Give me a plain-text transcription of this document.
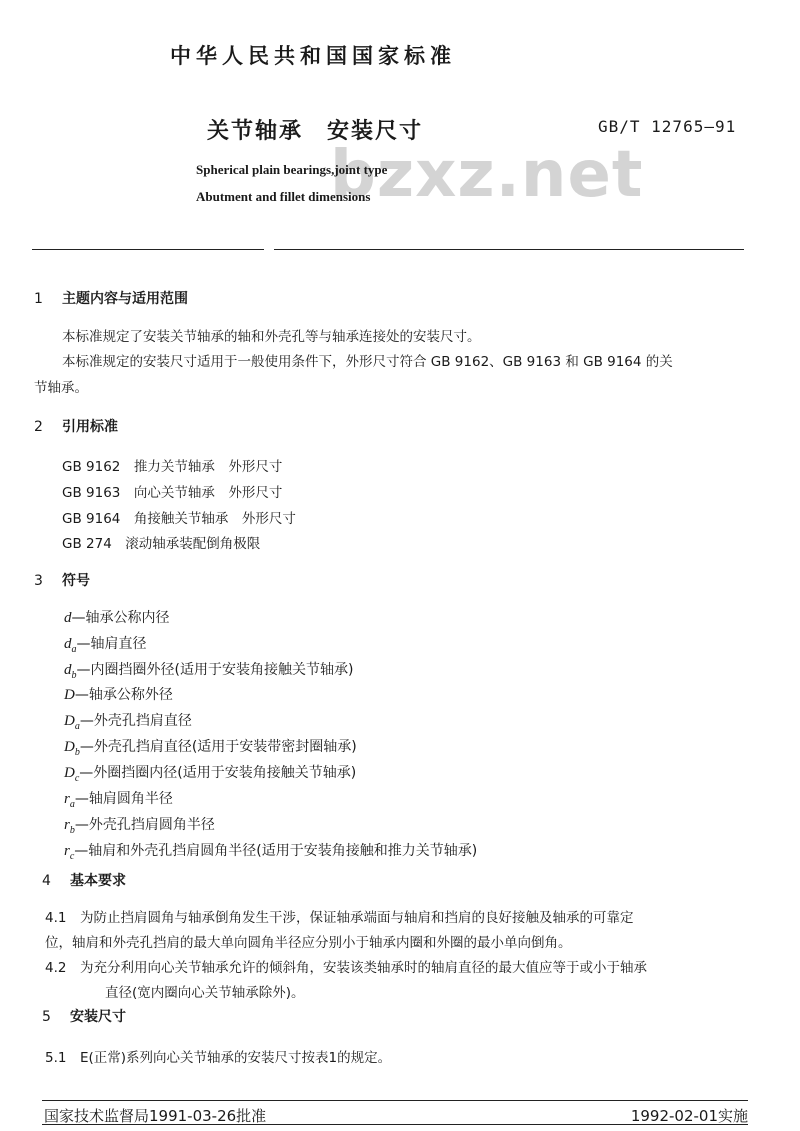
中华人民共和国国家标准
关节轴承　安装尺寸	GB/T 12765—91
bzxz.net
Spherical plain bearings,joint type
Abutment and fillet dimensions
1 主题内容与适用范围
本标准规定了安装关节轴承的轴和外壳孔等与轴承连接处的安装尺寸。
本标准规定的安装尺寸适用于一般使用条件下，外形尺寸符合 GB 9162、GB 9163 和 GB 9164 的关
节轴承。
2 引用标准
GB 9162　推力关节轴承　外形尺寸
GB 9163　向心关节轴承　外形尺寸
GB 9164　角接触关节轴承　外形尺寸
GB 274　滚动轴承装配倒角极限
3 符号
d—轴承公称内径
$d_a—$轴肩直径
$d_b—$内圈挡圈外径(适用于安装角接触关节轴承)
D—轴承公称外径
$D_a—$外壳孔挡肩直径
$D_b—$外壳孔挡肩直径(适用于安装带密封圈轴承)
$D_c—$外圈挡圈内径(适用于安装角接触关节轴承)
$r_a—$轴肩圆角半径
$r_b—$外壳孔挡肩圆角半径
$r_c—$轴肩和外壳孔挡肩圆角半径(适用于安装角接触和推力关节轴承)
4 基本要求
4.1　为防止挡肩圆角与轴承倒角发生干涉，保证轴承端面与轴肩和挡肩的良好接触及轴承的可靠定
位，轴肩和外壳孔挡肩的最大单向圆角半径应分别小于轴承内圈和外圈的最小单向倒角。
4.2　为充分利用向心关节轴承允许的倾斜角，安装该类轴承时的轴肩直径的最大值应等于或小于轴承
直径(宽内圈向心关节轴承除外)。
5 安装尺寸
5.1　E(正常)系列向心关节轴承的安装尺寸按表1的规定。
国家技术监督局1991-03-26批准	1992-02-01实施
